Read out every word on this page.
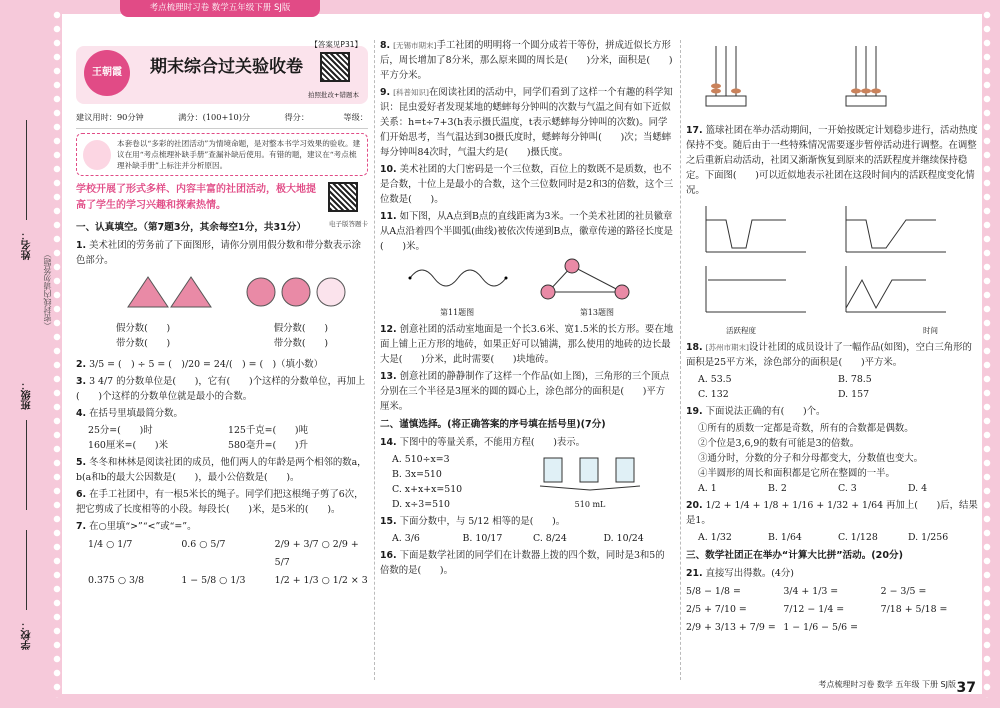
姓名：
班级：
学校：
（密封线内请勿答题）
考点梳理时习卷 数学五年级下册 SJ版
【答案见P31】
王朝霞	期末综合过关验收卷
拍照批改+错题本
建议用时：90分钟	满分：(100+10)分	得分：	等级：
本套卷以“多彩的社团活动”为情境命题，是对整本书学习效果的验收。建议在用“考点梳理补缺手册”查漏补缺后使用。有错的题，建议在“考点梳理补缺手册”上标注并分析原因。
学校开展了形式多样、内容丰富的社团活动，极大地提高了学生的学习兴趣和探索热情。
电子版答题卡
一、认真填空。（第7题3分，其余每空1分，共31分）
1. 美术社团的劳务前了下面图形，请你分别用假分数和带分数表示涂色部分。
假分数(　　)	假分数(　　)
带分数(　　)	带分数(　　)
2. 3/5 = (　) ÷ 5 = (　)/20 = 24/(　) = (　)（填小数）
3. 3 4/7 的分数单位是(　　)，它有(　　)个这样的分数单位，再加上(　　)个这样的分数单位就是最小的合数。
4. 在括号里填最简分数。
25分=(　　)时	125千克=(　　)吨
160厘米=(　　)米	580毫升=(　　)升
5. 冬冬和林林是阅读社团的成员，他们两人的年龄是两个相邻的数a，b(a和b的最大公因数是(　　)，最小公倍数是(　　)。
6. 在手工社团中，有一根5米长的绳子。同学们把这根绳子剪了6次，把它剪成了长度相等的小段。每段长(　　)米，是5米的(　　)。
7. 在○里填“>”“<”或“=”。
1/4 ○ 1/7	0.6 ○ 5/7	2/9 + 3/7 ○ 2/9 + 5/7
0.375 ○ 3/8	1 − 5/8 ○ 1/3	1/2 + 1/3 ○ 1/2 × 3
8. [无锡市期末]手工社团的明明将一个圆分成若干等份，拼成近似长方形后，周长增加了8分米，那么原来圆的周长是(　　)分米，面积是(　　)平方分米。
9. [科普知识]在阅读社团的活动中，同学们看到了这样一个有趣的科学知识：昆虫爱好者发现某地的蟋蟀每分钟叫的次数与气温之间有如下近似关系：h=t÷7+3(h表示摄氏温度，t表示蟋蟀每分钟叫的次数)。同学们开始思考，当气温达到30摄氏度时，蟋蟀每分钟叫(　　)次；当蟋蟀每分钟叫84次时，气温大约是(　　)摄氏度。
10. 美术社团的大门密码是一个三位数，百位上的数既不是质数，也不是合数，十位上是最小的合数，这个三位数同时是2和3的倍数，这个三位数是(　　)。
11. 如下图，从A点到B点的直线距离为3米。一个美术社团的社员徽章从A点沿着四个半圆弧(曲线)被依次传递到B点，徽章传递的路径长度是(　　)米。
第11题图	第13题图
12. 创意社团的活动室地面是一个长3.6米、宽1.5米的长方形。要在地面上铺上正方形的地砖，如果正好可以铺满，那么使用的地砖的边长最大是(　　)分米，此时需要(　　)块地砖。
13. 创意社团的静静制作了这样一个作品(如上图)，三角形的三个顶点分别在三个半径是3厘米的圆的圆心上，涂色部分的面积是(　　)平方厘米。
二、谨慎选择。(将正确答案的序号填在括号里)(7分)
14. 下图中的等量关系，不能用方程(　　)表示。
A. 510÷x=3
B. 3x=510
C. x+x+x=510
D. x÷3=510	510 mL
15. 下面分数中，与 5/12 相等的是(　　)。
A. 3/6	B. 10/17	C. 8/24	D. 10/24
16. 下面是数学社团的同学们在计数器上拨的四个数，同时是3和5的倍数的是(　　)。
17. 篮球社团在举办活动期间，一开始按既定计划稳步进行，活动热度保持不变。随后由于一些特殊情况需要逐步暂停活动进行调整。在调整之后重新启动活动，社团又渐渐恢复到原来的活跃程度并继续保持稳定。下面图(　　)可以近似地表示社团在这段时间内的活跃程度变化情况。
活跃程度	时间
18. [苏州市期末]设计社团的成员设计了一幅作品(如图)，空白三角形的面积是25平方米，涂色部分的面积是(　　)平方米。
A. 53.5	B. 78.5
C. 132	D. 157
19. 下面说法正确的有(　　)个。
①所有的质数一定都是奇数，所有的合数都是偶数。
②个位是3,6,9的数有可能是3的倍数。
③通分时，分数的分子和分母都变大，分数值也变大。
④半圆形的周长和面积都是它所在整圆的一半。
A. 1	B. 2	C. 3	D. 4
20. 1/2 + 1/4 + 1/8 + 1/16 + 1/32 + 1/64 再加上(　　)后，结果是1。
A. 1/32	B. 1/64	C. 1/128	D. 1/256
三、数学社团正在举办“计算大比拼”活动。(20分)
21. 直接写出得数。(4分)
5/8 − 1/8 =	3/4 + 1/3 =	2 − 3/5 =
2/5 + 7/10 =	7/12 − 1/4 =	7/18 + 5/18 =
2/9 + 3/13 + 7/9 = 1 − 1/6 − 5/6 =
考点梳理时习卷 数学 五年级 下册 SJ版 37
